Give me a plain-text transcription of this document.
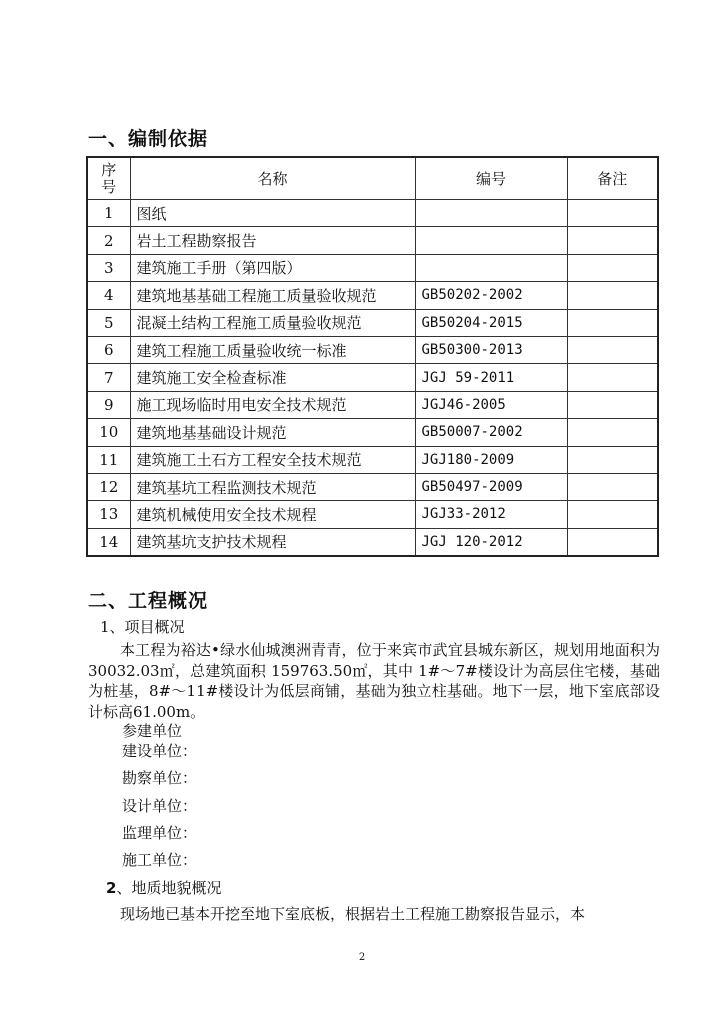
一、编制依据
序号	名称	编号	备注
1	图纸		
2	岩土工程勘察报告		
3	建筑施工手册（第四版）		
4	建筑地基基础工程施工质量验收规范	GB50202-2002	
5	混凝土结构工程施工质量验收规范	GB50204-2015	
6	建筑工程施工质量验收统一标准	GB50300-2013	
7	建筑施工安全检查标准	JGJ 59-2011	
9	施工现场临时用电安全技术规范	JGJ46-2005	
10	建筑地基基础设计规范	GB50007-2002	
11	建筑施工土石方工程安全技术规范	JGJ180-2009	
12	建筑基坑工程监测技术规范	GB50497-2009	
13	建筑机械使用安全技术规程	JGJ33-2012	
14	建筑基坑支护技术规程	JGJ 120-2012	
二、工程概况

1、项目概况

本工程为裕达•绿水仙城澳洲青青，位于来宾市武宜县城东新区，规划用地面积为30032.03㎡，总建筑面积 159763.50㎡，其中 1#～7#楼设计为高层住宅楼，基础为桩基，8#～11#楼设计为低层商铺，基础为独立柱基础。地下一层，地下室底部设计标高61.00m。

参建单位

建设单位：

勘察单位：

设计单位：

监理单位：

施工单位：

2、地质地貌概况

现场地已基本开挖至地下室底板，根据岩土工程施工勘察报告显示，本

2
